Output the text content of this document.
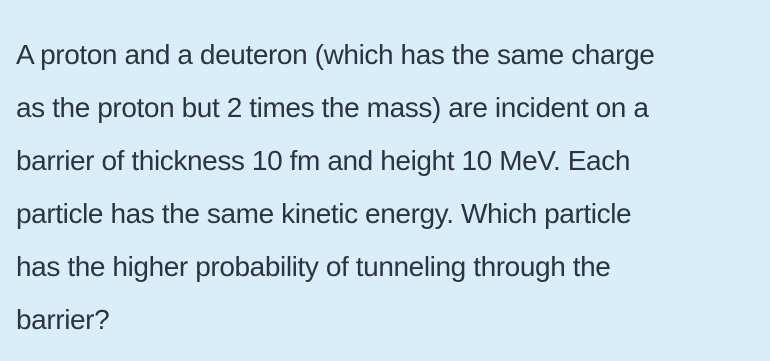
A proton and a deuteron (which has the same charge
as the proton but 2 times the mass) are incident on a
barrier of thickness 10 fm and height 10 MeV. Each
particle has the same kinetic energy. Which particle
has the higher probability of tunneling through the
barrier?
